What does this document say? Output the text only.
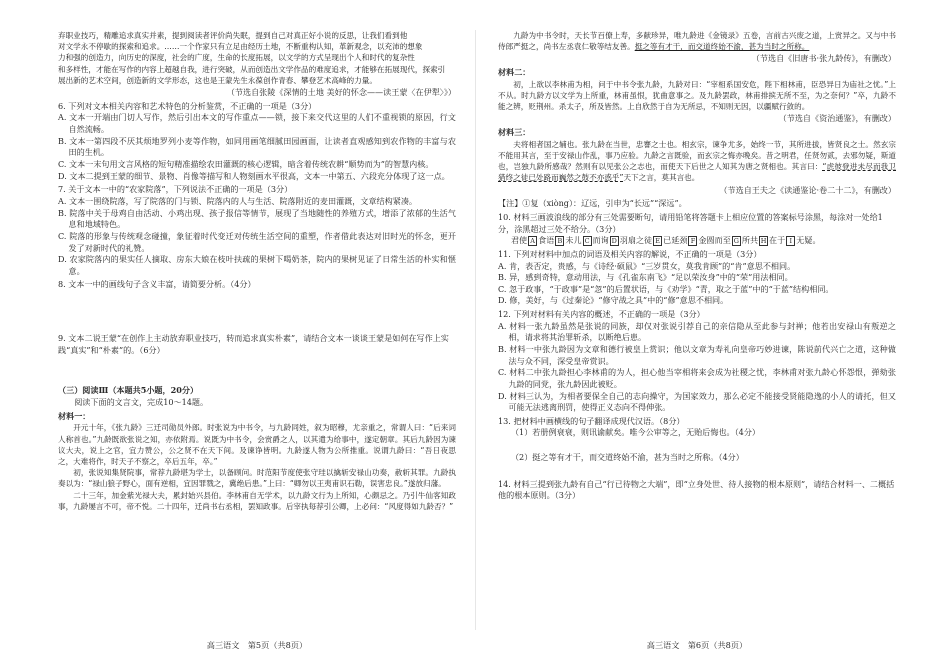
弃职业技巧，精雕追求真实并素，提到阅读者评价尚失眠，提到自己对真正好小说的反思，让我们看到他

对文学永不停歇的探索和追求。……一个作家只有立足由经历土地，不断重构认知，革新观念，以充沛的想象

力和强的创造力，向历史的深度，社会的广度，生命的长度拓展，以文学的方式呈现出个人和时代的复杂性

和多样性，才能在写作的内容上超越自我，进行突破，从而创造出文学作品的难度追求，才能够在拓展现代，探索引

展出新的艺术空间，创造新的文学形态，这也是王蒙先生永葆创作青春、攀登艺术高峰的力量。

（节选自张陵《深情的土地 美好的怀念——读王蒙〈在伊犁〉》）

6. 下列对文本相关内容和艺术特色的分析鉴赏，不正确的一项是（3分）

A. 文本一开端由门切人写作，然后引出本文的写作重点——锁，接下来交代这里的人们不重视锁的原因，行文自然流畅。

B. 文本一第四段不厌其烦地罗列小麦等作物，如同用画笔细腻田园画面，让读者直观感知到农作物的丰富与农田的生机。

C. 文本一末句用文言风格的短句精准描绘农田灌溉的核心逻辑，暗含着传统农耕“顺势而为”的智慧内核。

D. 文本二提到王蒙的细节、景物、肖像等描写和人物刻画水平很高，文本一中第五、六段充分体现了这一点。

7. 关于文本一中的“农家院落”，下列说法不正确的一项是（3分）

A. 文本一围绕院落，写了院落的门与锁、院落内的人与生活、院落附近的麦田灌溉，文章结构紧凑。

B. 院落中关于母鸡自由活动、小鸡出现、孩子报信等情节，展现了当地随性的养殖方式，增添了浓郁的生活气息和地域特色。

C. 院落的形象与传统观念碰撞，象征着时代变迁对传统生活空间的重塑，作者借此表达对旧时光的怀念，更开发了对新时代的礼赞。

D. 农家院落内的果实任人摘取、房东大娘在枝叶扶疏的果树下喝奶茶，院内的果树见证了日常生活的朴实和惬意。

8. 文本一中的画线句子含义丰富，请简要分析。（4分）

9. 文本二说王蒙“在创作上主动放弃职业技巧，转而追求真实朴素”，请结合文本一谈谈王蒙是如何在写作上实践“真实”和“朴素”的。（6分）

（三）阅读Ⅲ（本题共5小题，20分）

阅读下面的文言文，完成10～14题。

材料一：

开元十年，《张九龄》三迁司勋员外郎。时张说为中书令，与九龄同姓，叙为昭穆，尤亲重之，常谓人曰：“后来词人称首也。”九龄既欲张说之知，亦依附焉。说既为中书令，会赏爵之人，以其遣为给事中，遂定朝章。其后九龄因为谏议大夫，说上之官，宜力赞公，公之贤不在天下间。及谏诤皆明。九龄遂人物为公所推重。说谓九龄曰：“吾日夜思之，大难将作，时天子不察之，卒后五年，卒。”

初，张说知集贤院事，常荐九龄堪为学士，以备顾问。时范阳节度使张守珪以擒斩安禄山功奏，赦斩其罪。九龄执奏以为：“禄山狼子野心，面有逆相，宜因罪戮之，冀绝后患。”上曰：“卿勿以王夷甫识石勒，误害忠良。”遂放归藩。

二十三年，加金紫光禄大夫，累封始兴县伯。李林甫自无学术，以九龄文行为上所知，心颇忌之。乃引牛仙客知政事，九龄屡言不可，帝不悦。二十四年，迁尚书右丞相，罢知政事。后宰执每荐引公卿，上必问：“风度得如九龄否？”

九龄为中书令时，天长节百僚上寿，多献珍异，唯九龄进《金镜录》五卷，言前古兴废之道，上赏异之。又与中书侍郎严挺之，尚书左丞袁仁敬等结友善。挺之等有才干，而交道终始不渝，甚为当时之所称。

（节选自《旧唐书·张九龄传》，有删改）

材料二：

初，上欲以李林甫为相，问于中书令张九龄，九龄对曰：“宰相系国安危，陛下相林甫，臣恐异日为庙社之忧。”上不从。时九龄方以文学为上所重，林甫虽恨，犹曲意事之。及九龄罢政，林甫排摈无所不至，为之奈何？”卒，九龄不能之辨，贬荆州。杀太子，所及皆然。上自欣然于自为无所忌，不知则无因，以疆赋行敛的。

（节选自《资治通鉴》，有删改）

材料三：

夫将相者国之辅也。张九龄在当世，忠謇之士也。相玄宗，谏争尤多，始终一节，其所进拔，皆贤良之士。然玄宗不能用其言，至于安禄山作乱，事乃应验。九龄之言既验，而玄宗之悔亦晚矣。昔之明君，任贤勿贰，去邪勿疑，斯道也，岂独九龄所感哉？然则有以见张公之志也，而使天下后世之人知其为唐之贤相也。其言曰：“虑彼登进未尽而我卫猎终之徒已处路而巍然之鼓不亦惑乎”天下之言，莫其言也。

（节选自王夫之《读通鉴论·卷二十二》，有删改）

【注】①复（xiòng）：辽远，引申为“长远”“深远”。

10. 材料三画波浪线的部分有三处需要断句，请用铅笔将答题卡上相应位置的答案标号涂黑，每涂对一处给1分，涂黑超过三处不给分。（3分）

君使 A 食语 B 未儿 C 而询 D 羽扇之徒 E 已延颈 F 金圆而至 G 所共 H 在于 I 无疑。

11. 下列对材料中加点的词语及相关内容的解说，不正确的一项是（3分）

A. 肯，表否定，贵感，与《诗经·硕鼠》“三岁贯女，莫我肯顾”的“肯”意思不相同。

B. 异，感到奇特，意动用法，与《孔雀东南飞》“足以荣汝身”中的“荣”用法相同。

C. 忽于政事，“于政事”是“忽”的后置状语，与《劝学》“青，取之于蓝”中的“于蓝”结构相同。

D. 修，美好，与《过秦论》“修守战之具”中的“修”意思不相同。

12. 下列对材料有关内容的概述，不正确的一项是（3分）

A. 材料一张九龄虽然是张说的同族，却仅对张说引荐自己的亲信隐从至此参与封禅；他若出安禄山有叛逆之相，请求将其治罪斩杀，以断绝后患。

B. 材料一中张九龄因为文章和德行被皇上赏识；他以文章为寿礼向皇帝巧妙进谏，陈说前代兴亡之道，这种做法与众不同，深受皇帝赏识。

C. 材料二中张九龄担心李林甫的为人，担心他当宰相将来会成为社稷之忧，李林甫对张九龄心怀怨恨，弹劾张九龄的同党，张九龄因此被贬。

D. 材料三认为，为相者要保全自己的志向操守，为国家效力，那么必定不能接受贤能隐逸的小人的请托，但又可能无法逃离刑罚，使得正义态向不得伸张。

13. 把材料中画横线的句子翻译成现代汉语。（8分）

（1）若册例衰衰，则讯谕献矣。唯今公审等之，无贻后悔也。（4分）

（2）挺之等有才干，而交道终始不渝，甚为当时之所称。（4分）

14. 材料三提到张九龄有自己“行已待物之大端”，即“立身处世、待人接物的根本原则”，请结合材料一、二概括他的根本原则。（3分）

高三语文　第5页（共8页）	高三语文　第6页（共8页）
